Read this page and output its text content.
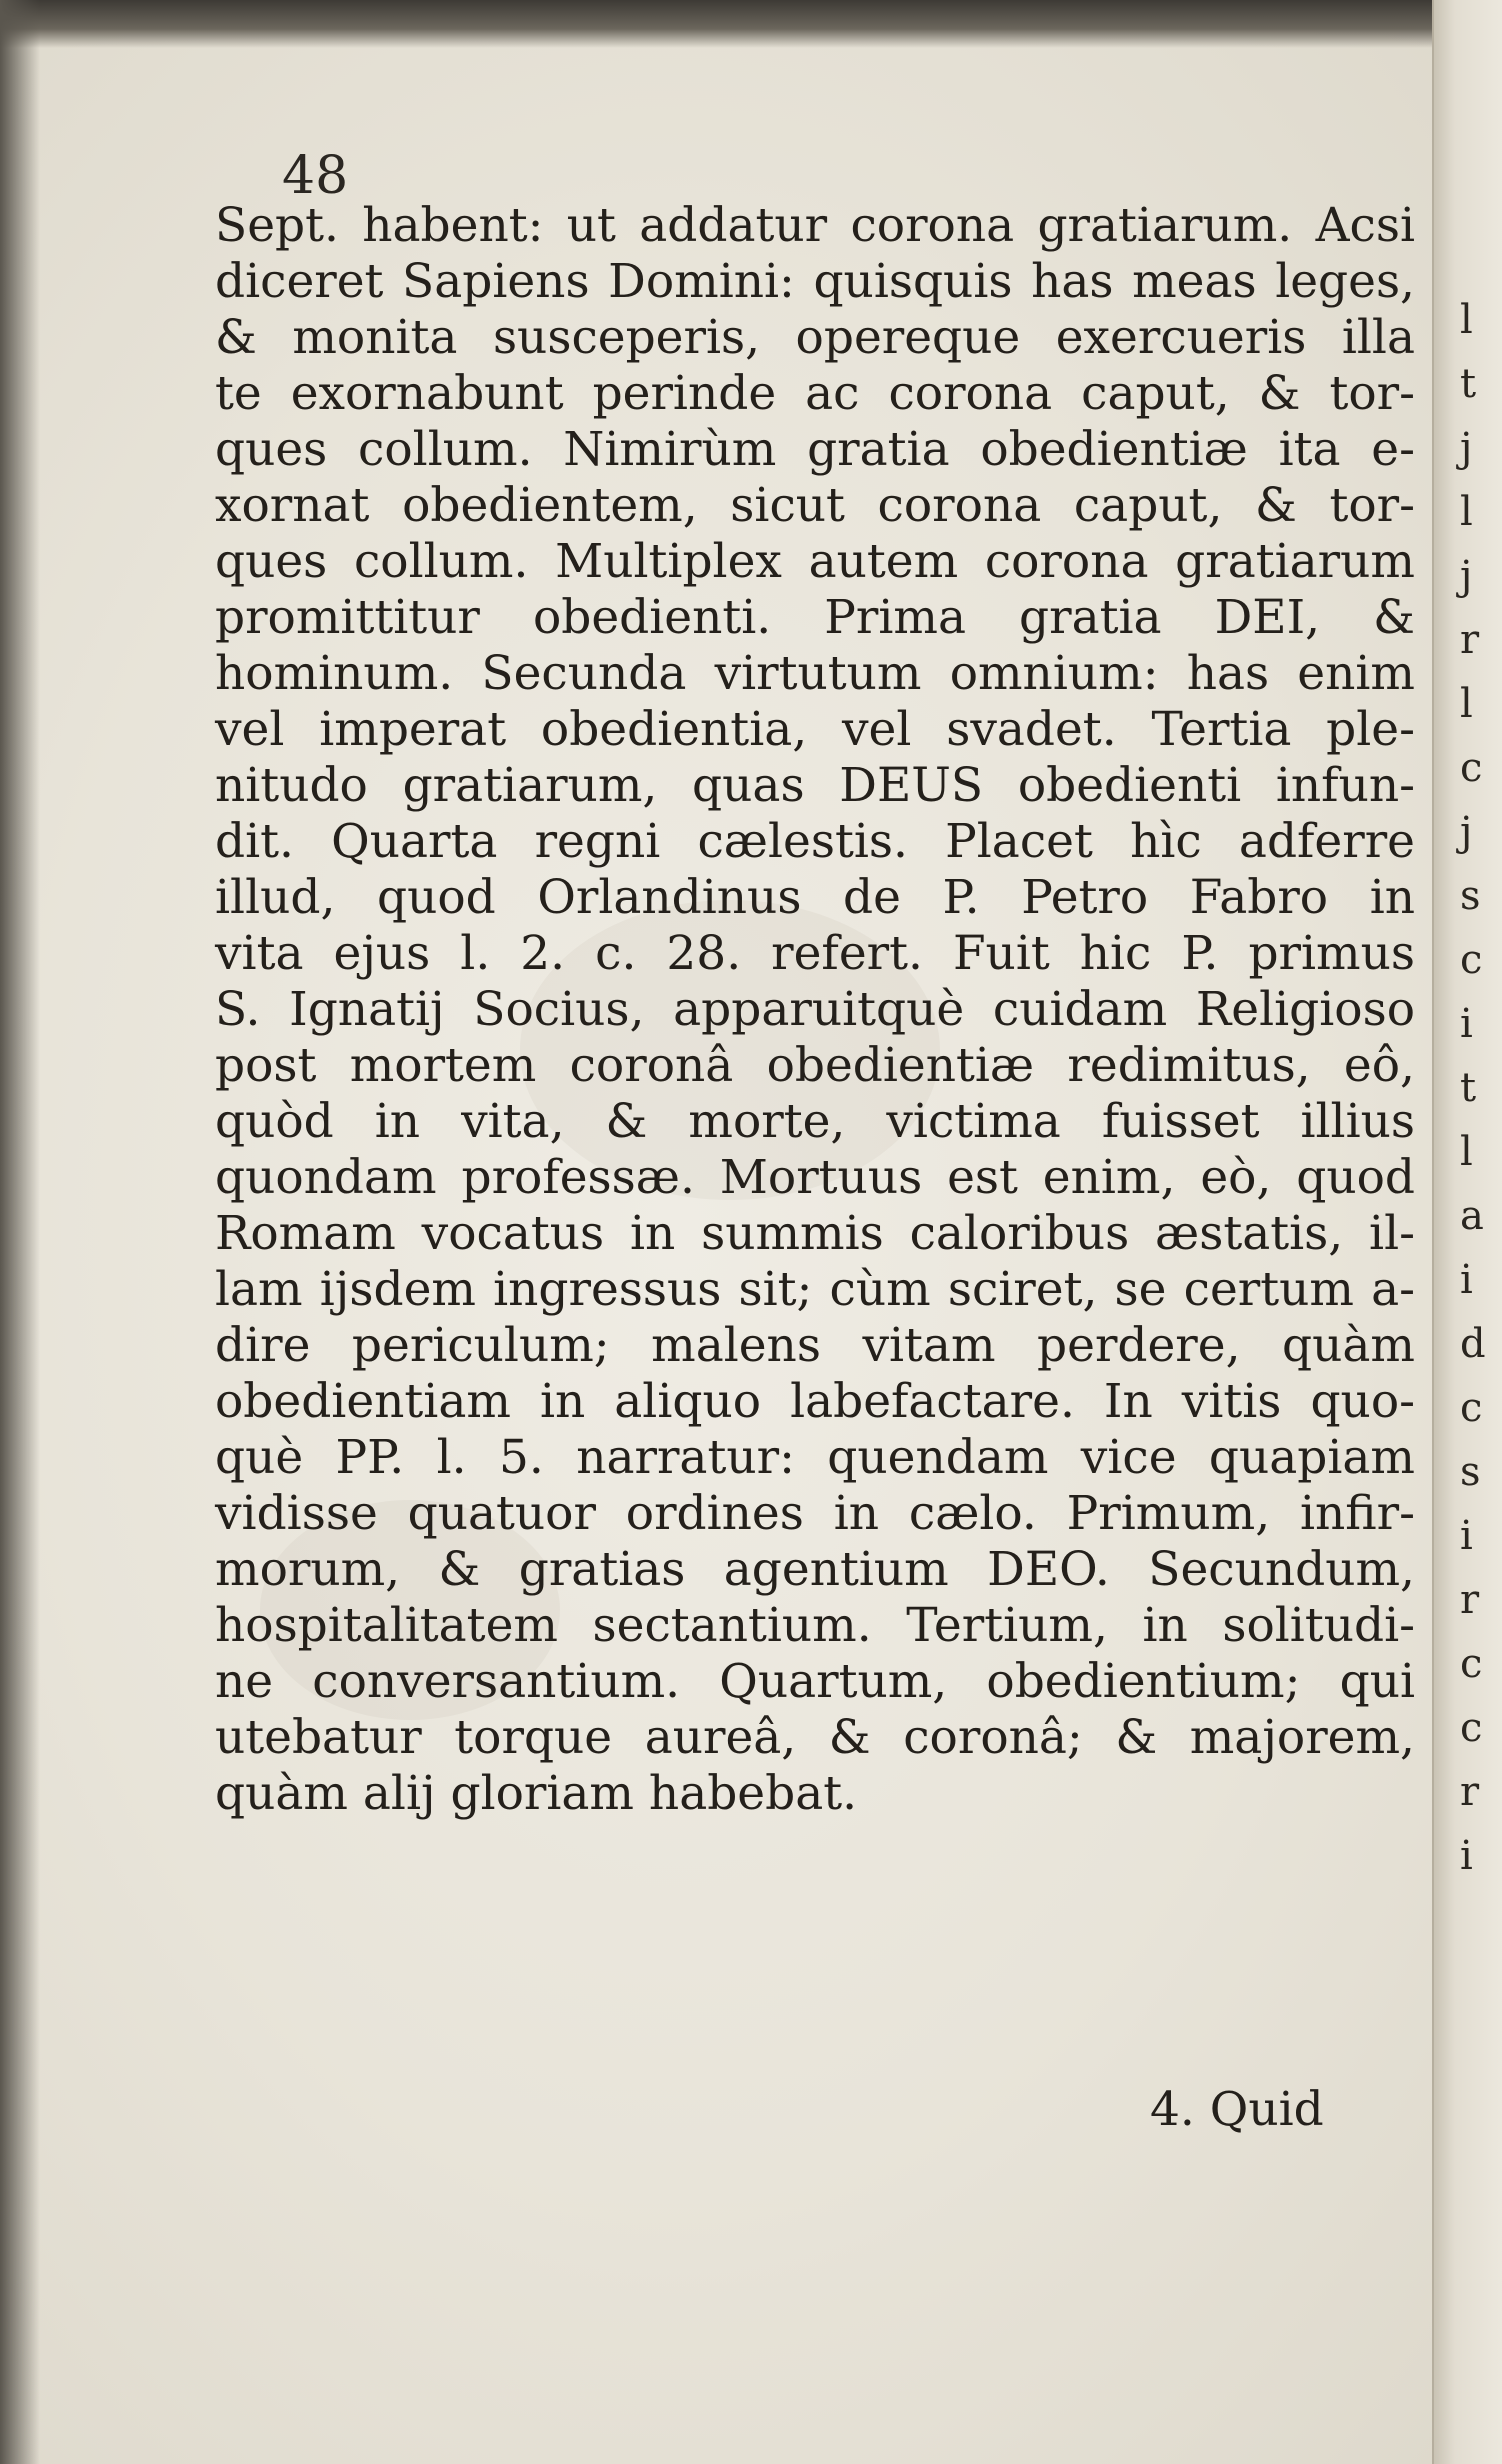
48

Sept. habent: ut addatur corona gratiarum. Acsi
diceret Sapiens Domini: quisquis has meas leges,
& monita susceperis, opereque exercueris illa
te exornabunt perinde ac corona caput, & tor-
ques collum. Nimirùm gratia obedientiæ ita e-
xornat obedientem, sicut corona caput, & tor-
ques collum. Multiplex autem corona gratiarum
promittitur obedienti. Prima gratia DEI, &
hominum. Secunda virtutum omnium: has enim
vel imperat obedientia, vel svadet. Tertia ple-
nitudo gratiarum, quas DEUS obedienti infun-
dit. Quarta regni cælestis. Placet hìc adferre
illud, quod Orlandinus de P. Petro Fabro in
vita ejus l. 2. c. 28. refert. Fuit hic P. primus
S. Ignatij Socius, apparuitquè cuidam Religioso
post mortem coronâ obedientiæ redimitus, eô,
quòd in vita, & morte, victima fuisset illius
quondam professæ. Mortuus est enim, eò, quod
Romam vocatus in summis caloribus æstatis, il-
lam ijsdem ingressus sit; cùm sciret, se certum a-
dire periculum; malens vitam perdere, quàm
obedientiam in aliquo labefactare. In vitis quo-
què PP. l. 5. narratur: quendam vice quapiam
vidisse quatuor ordines in cælo. Primum, infir-
morum, & gratias agentium DEO. Secundum,
hospitalitatem sectantium. Tertium, in solitudi-
ne conversantium. Quartum, obedientium; qui
utebatur torque aureâ, & coronâ; & majorem,
quàm alij gloriam habebat.

4. Quid

l
t
j
l
j
r
l
c
j
s
c
i
t
l
a
i
d
c
s
i
r
c
c
r
i
